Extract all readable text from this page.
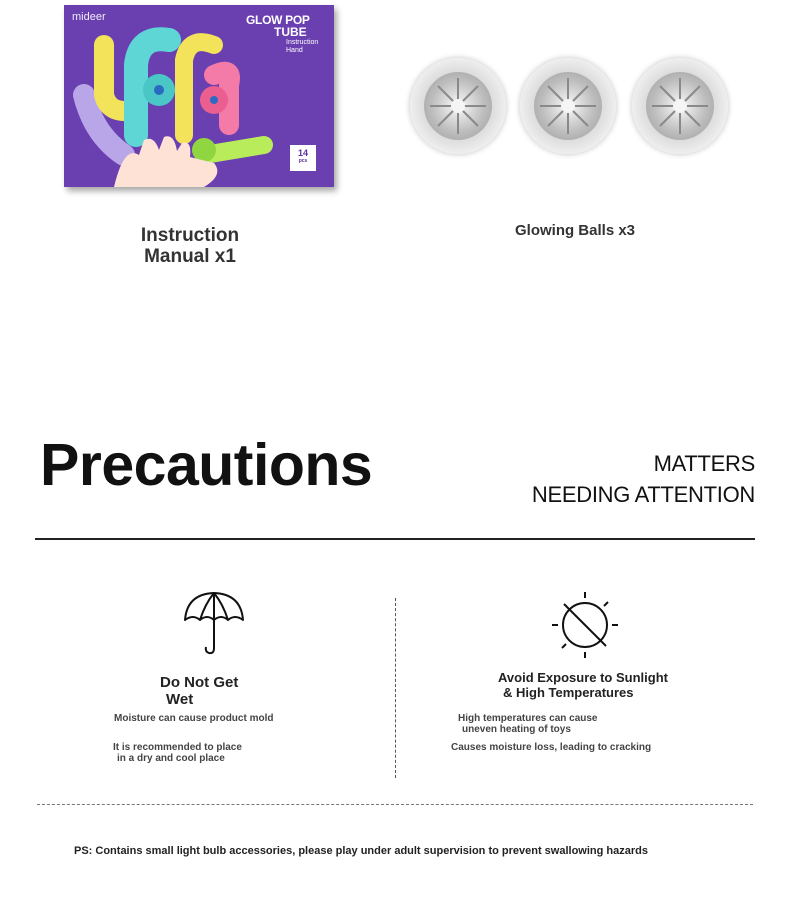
mideer	GLOW POP
TUBE
Instruction
Hand
14
pcs
Instruction
Manual x1
Glowing Balls x3
Precautions	MATTERS
NEEDING ATTENTION
Do Not Get
Wet
Moisture can cause product mold
It is recommended to place
in a dry and cool place
Avoid Exposure to Sunlight
& High Temperatures
High temperatures can cause
uneven heating of toys
Causes moisture loss, leading to cracking
PS: Contains small light bulb accessories, please play under adult supervision to prevent swallowing hazards
